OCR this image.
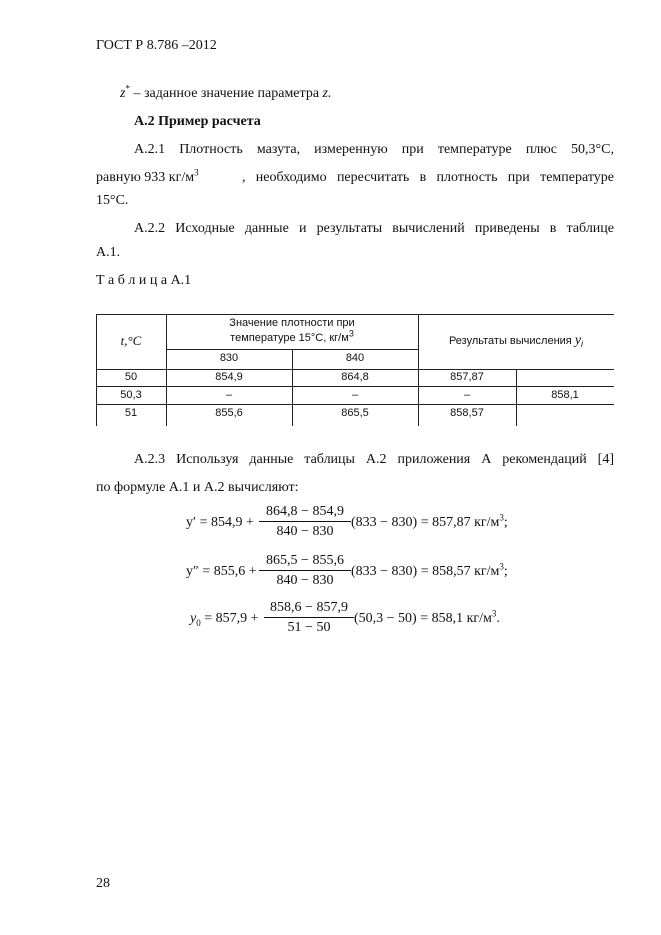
ГОСТ Р 8.786 –2012
z* – заданное значение параметра z.
А.2 Пример расчета
А.2.1 Плотность мазута, измеренную при температуре плюс 50,3°C,
равную 933 $кг/м^3$	, необходимо пересчитать в плотность при температуре
15°C.
А.2.2 Исходные данные и результаты вычислений приведены в таблице
А.1.
Т а б л и ц а А.1
t,°С
Значение плотности при
температуре 15°С, $кг/м^3$
Результаты вычисления $y_i$
830	840
50	854,9	864,8	857,87
50,3	–	–	–	858,1
51	855,6	865,5	858,57
А.2.3 Используя данные таблицы А.2 приложения А рекомендаций [4]
по формуле А.1 и А.2 вычисляют:
y′ = 854,9 +
864,8 − 854,9
840 − 830
(833 − 830) = 857,87 $кг/м^3$;
y″ = 855,6 +
865,5 − 855,6
840 − 830
(833 − 830) = 858,57 $кг/м^3$;
$y_0 = 857,9$ +
858,6 − 857,9
51 − 50
(50,3 − 50) = 858,1 $кг/м^3$.
28
